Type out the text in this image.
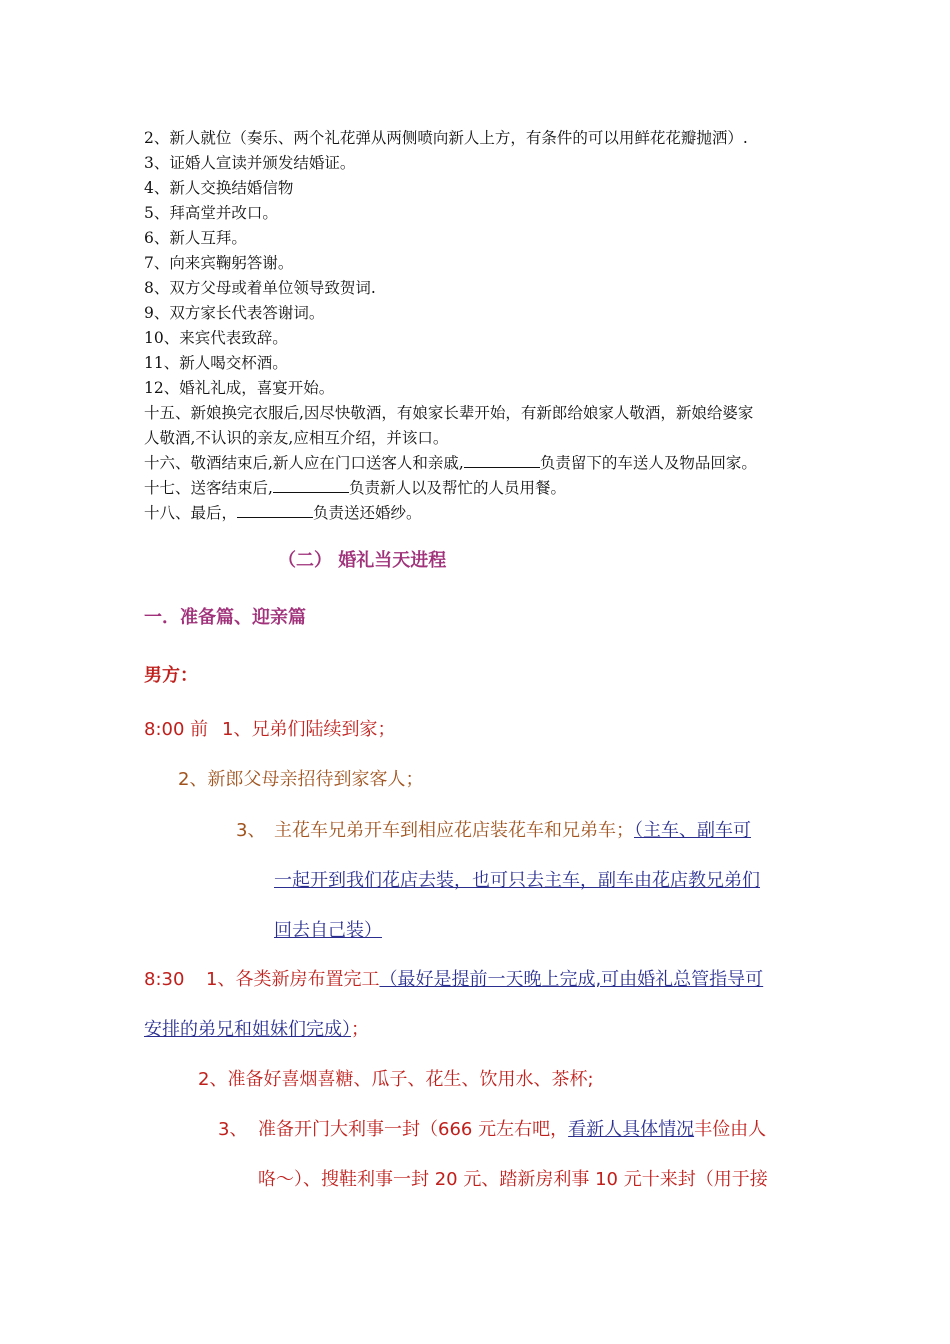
2、新人就位（奏乐、两个礼花弹从两侧喷向新人上方，有条件的可以用鲜花花瓣抛洒）.
3、证婚人宣读并颁发结婚证。
4、新人交换结婚信物
5、拜高堂并改口。
6、新人互拜。
7、向来宾鞠躬答谢。
8、双方父母或着单位领导致贺词.
9、双方家长代表答谢词。
10、来宾代表致辞。
11、新人喝交杯酒。
12、婚礼礼成，喜宴开始。
十五、新娘换完衣服后,因尽快敬酒，有娘家长辈开始，有新郎给娘家人敬酒，新娘给婆家
人敬酒,不认识的亲友,应相互介绍，并该口。
十六、敬酒结束后,新人应在门口送客人和亲戚,	负责留下的车送人及物品回家。
十七、送客结束后,	负责新人以及帮忙的人员用餐。
十八、最后，	负责送还婚纱。
（二） 婚礼当天进程
一．准备篇、迎亲篇
男方：
8:00 前 1、兄弟们陆续到家；
2、新郎父母亲招待到家客人；
3、 主花车兄弟开车到相应花店装花车和兄弟车；（主车、副车可
一起开到我们花店去装，也可只去主车，副车由花店教兄弟们
回去自己装）
8:30 1、各类新房布置完工（最好是提前一天晚上完成,可由婚礼总管指导可
安排的弟兄和姐妹们完成）；
2、准备好喜烟喜糖、瓜子、花生、饮用水、茶杯;
3、 准备开门大利事一封（666 元左右吧，看新人具体情况丰俭由人
咯～）、搜鞋利事一封 20 元、踏新房利事 10 元十来封（用于接
